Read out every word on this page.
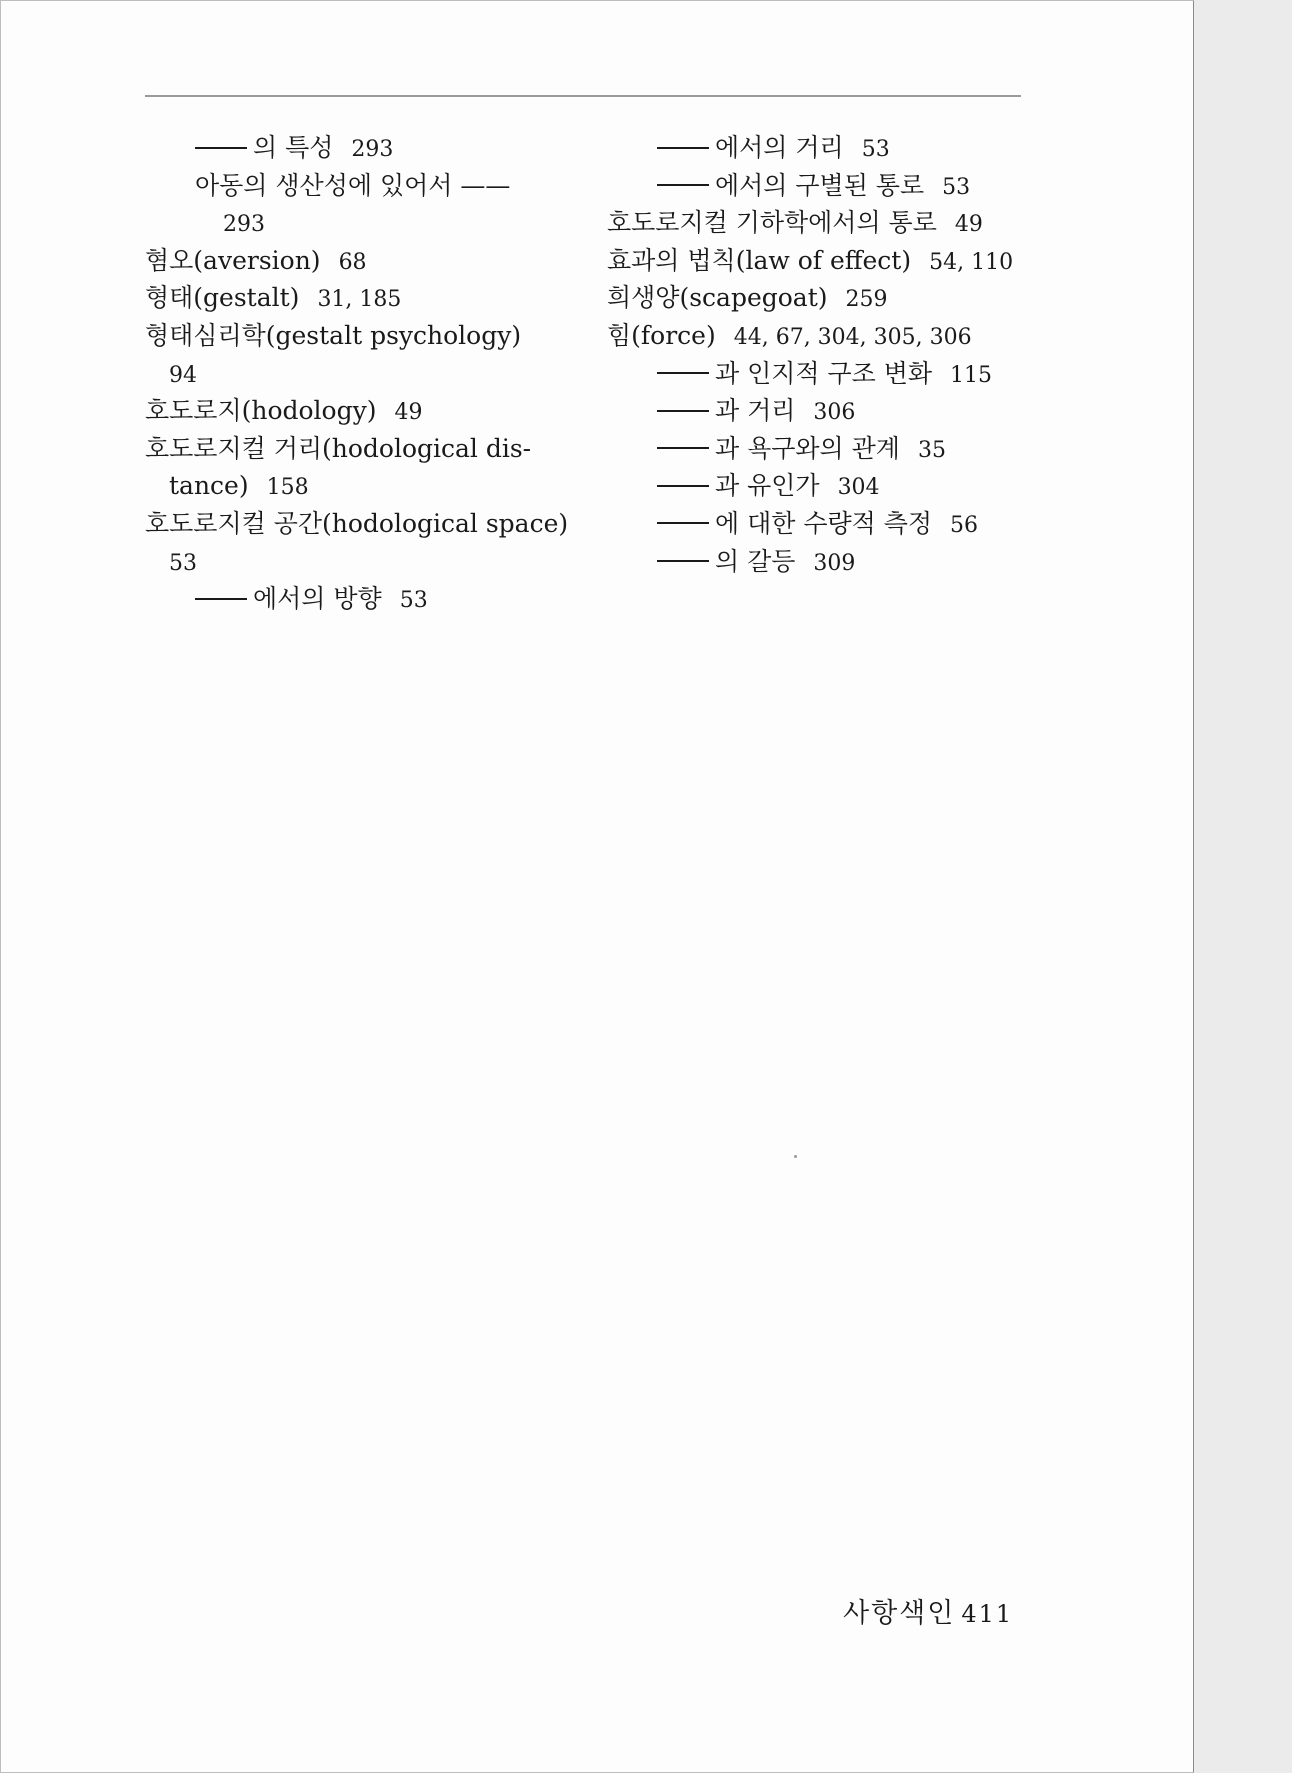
의 특성 293
아동의 생산성에 있어서 ——
293
혐오(aversion) 68
형태(gestalt) 31, 185
형태심리학(gestalt psychology)
94
호도로지(hodology) 49
호도로지컬 거리(hodological dis-
tance) 158
호도로지컬 공간(hodological space)
53
에서의 방향 53
에서의 거리 53
에서의 구별된 통로 53
호도로지컬 기하학에서의 통로 49
효과의 법칙(law of effect) 54, 110
희생양(scapegoat) 259
힘(force) 44, 67, 304, 305, 306
과 인지적 구조 변화 115
과 거리 306
과 욕구와의 관계 35
과 유인가 304
에 대한 수량적 측정 56
의 갈등 309
사항색인 411
